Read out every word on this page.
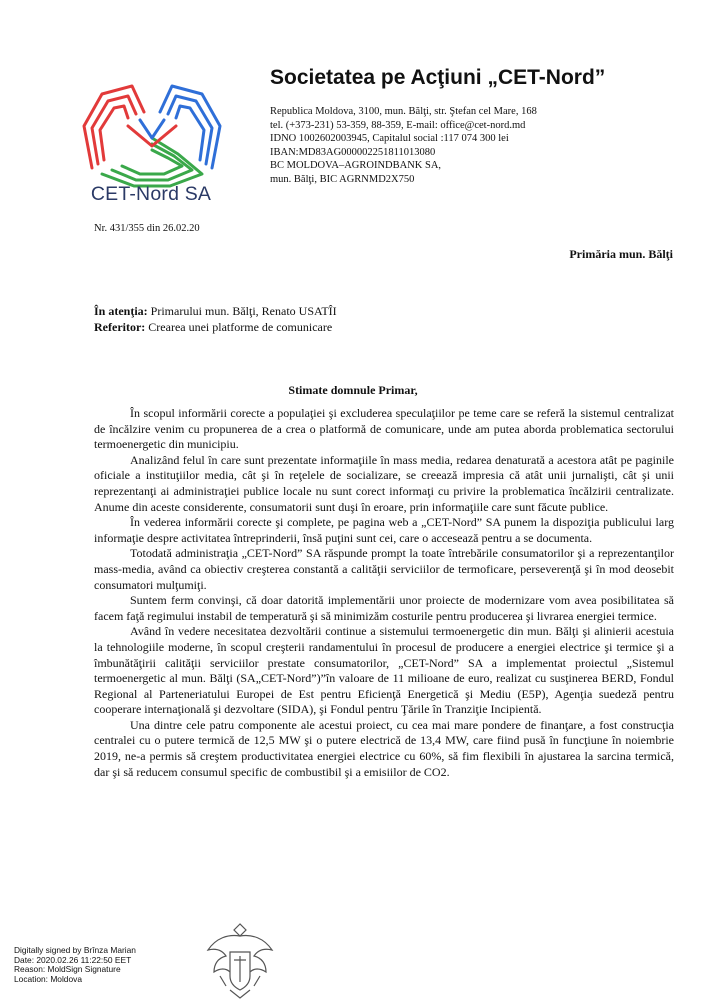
CET-Nord SA
Societatea pe Acţiuni „CET-Nord”
Republica Moldova, 3100, mun. Bălţi, str. Ştefan cel Mare, 168
tel. (+373-231) 53-359, 88-359, E-mail: office@cet-nord.md
IDNO 1002602003945, Capitalul social :117 074 300 lei
IBAN:MD83AG000002251811013080
BC MOLDOVA–AGROINDBANK SA,
mun. Bălţi, BIC AGRNMD2X750
Nr. 431/355 din 26.02.20
Primăria mun. Bălţi
În atenţia: Primarului mun. Bălţi, Renato USATÎI
Referitor: Crearea unei platforme de comunicare
Stimate domnule Primar,

În scopul informării corecte a populaţiei şi excluderea speculaţiilor pe teme care se referă la sistemul centralizat de încălzire venim cu propunerea de a crea o platformă de comunicare, unde am putea aborda problematica sectorului termoenergetic din municipiu.

Analizând felul în care sunt prezentate informaţiile în mass media, redarea denaturată a acestora atât pe paginile oficiale a instituţiilor media, cât şi în reţelele de socializare, se creează impresia că atât unii jurnalişti, cât şi unii reprezentanţi ai administraţiei publice locale nu sunt corect informaţi cu privire la problematica încălzirii centralizate. Anume din aceste considerente, consumatorii sunt duşi în eroare, prin informaţiile care sunt făcute publice.

În vederea informării corecte şi complete, pe pagina web a „CET-Nord” SA punem la dispoziţia publicului larg informaţie despre activitatea întreprinderii, însă puţini sunt cei, care o accesează pentru a se documenta.

Totodată administraţia „CET-Nord” SA răspunde prompt la toate întrebările consumatorilor şi a reprezentanţilor mass-media, având ca obiectiv creşterea constantă a calităţii serviciilor de termoficare, perseverenţă şi în mod deosebit consumatori mulţumiţi.

Suntem ferm convinşi, că doar datorită implementării unor proiecte de modernizare vom avea posibilitatea să facem faţă regimului instabil de temperatură şi să minimizăm costurile pentru producerea şi livrarea energiei termice.

Având în vedere necesitatea dezvoltării continue a sistemului termoenergetic din mun. Bălţi şi alinierii acestuia la tehnologiile moderne, în scopul creşterii randamentului în procesul de producere a energiei electrice şi termice şi a îmbunătăţirii calităţii serviciilor prestate consumatorilor, „CET-Nord” SA a implementat proiectul „Sistemul termoenergetic al mun. Bălţi (SA„CET-Nord”)”în valoare de 11 milioane de euro, realizat cu susţinerea BERD, Fondul Regional al Parteneriatului Europei de Est pentru Eficienţă Energetică şi Mediu (E5P), Agenţia suedeză pentru cooperare internaţională şi dezvoltare (SIDA), şi Fondul pentru Ţările în Tranziţie Incipientă.

Una dintre cele patru componente ale acestui proiect, cu cea mai mare pondere de finanţare, a fost construcţia centralei cu o putere termică de 12,5 MW şi o putere electrică de 13,4 MW, care fiind pusă în funcţiune în noiembrie 2019, ne-a permis să creştem productivitatea energiei electrice cu 60%, să fim flexibili în ajustarea la sarcina termică, dar şi să reducem consumul specific de combustibil şi a emisiilor de CO2.

Digitally signed by Brînza Marian
Date: 2020.02.26 11:22:50 EET
Reason: MoldSign Signature
Location: Moldova
